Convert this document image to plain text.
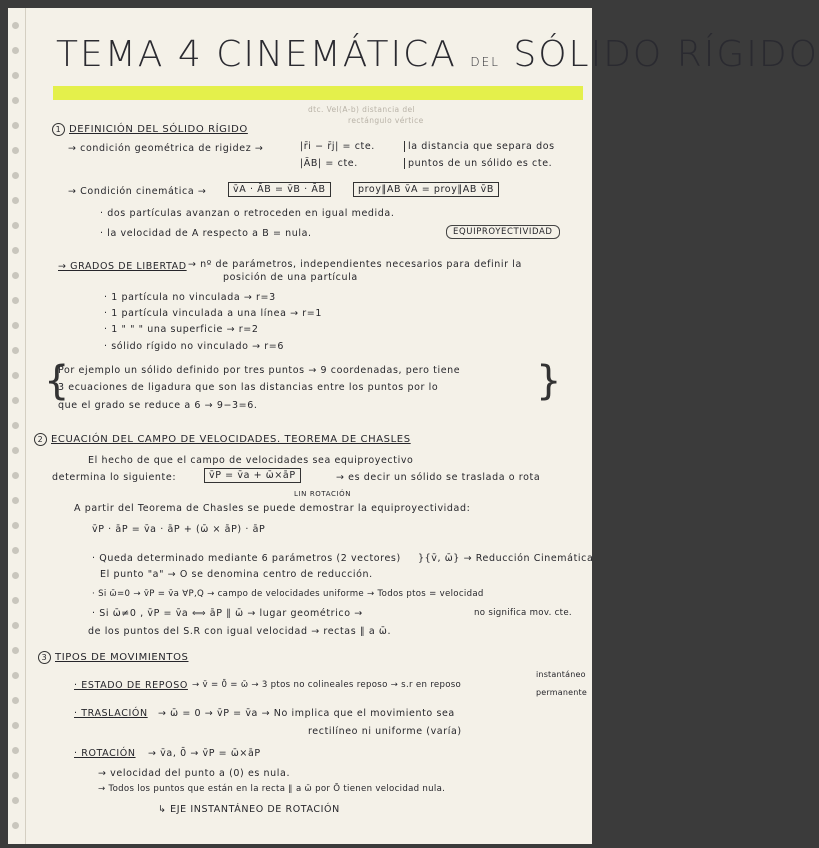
TEMA 4 CINEMÁTICA DEL SÓLIDO RÍGIDO
dtc. Vel(A-b) distancia del
rectángulo vértice
1 DEFINICIÓN DEL SÓLIDO RÍGIDO
→ condición geométrica de rigidez →	|r̄i − r̄j| = cte.
|ĀB| = cte.
la distancia que separa dos
puntos de un sólido es cte.
→ Condición cinemática →	v̄A · ĀB = v̄B · ĀB	proy‖AB v̄A = proy‖AB v̄B
· dos partículas avanzan o retroceden en igual medida.
· la velocidad de A respecto a B = nula.	EQUIPROYECTIVIDAD
→ GRADOS DE LIBERTAD → nº de parámetros, independientes necesarios para definir la
posición de una partícula
· 1 partícula no vinculada → r=3
· 1 partícula vinculada a una línea → r=1
· 1 " " " una superficie → r=2
· sólido rígido no vinculado → r=6
{
Por ejemplo un sólido definido por tres puntos → 9 coordenadas, pero tiene
3 ecuaciones de ligadura que son las distancias entre los puntos por lo
que el grado se reduce a 6 → 9−3=6.
}
2 ECUACIÓN DEL CAMPO DE VELOCIDADES. TEOREMA DE CHASLES
El hecho de que el campo de velocidades sea equiproyectivo
determina lo siguiente:	v̄P = v̄a + ω̄×āP	→ es decir un sólido se traslada o rota
LIN ROTACIÓN
A partir del Teorema de Chasles se puede demostrar la equiproyectividad:
v̄P · āP = v̄a · āP + (ω̄ × āP) · āP
· Queda determinado mediante 6 parámetros (2 vectores) }{v̄, ω̄} → Reducción Cinemática
El punto "a" → O se denomina centro de reducción.
· Si ω̄=0 → v̄P = v̄a ∀P,Q → campo de velocidades uniforme → Todos ptos = velocidad
· Si ω̄≠0 , v̄P = v̄a ⟺ āP ∥ ω̄ → lugar geométrico →	no significa mov. cte.
de los puntos del S.R con igual velocidad → rectas ∥ a ω̄.
3 TIPOS DE MOVIMIENTOS
· ESTADO DE REPOSO → v̄ = 0̄ = ω̄ → 3 ptos no colineales reposo → s.r en reposo
instantáneo
permanente
· TRASLACIÓN → ω̄ = 0 → v̄P = v̄a → No implica que el movimiento sea
rectilíneo ni uniforme (varía)
· ROTACIÓN → v̄a, 0̄ → v̄P = ω̄×āP
→ velocidad del punto a (0) es nula.
→ Todos los puntos que están en la recta ∥ a ω̄ por Ō tienen velocidad nula.
↳ EJE INSTANTÁNEO DE ROTACIÓN
